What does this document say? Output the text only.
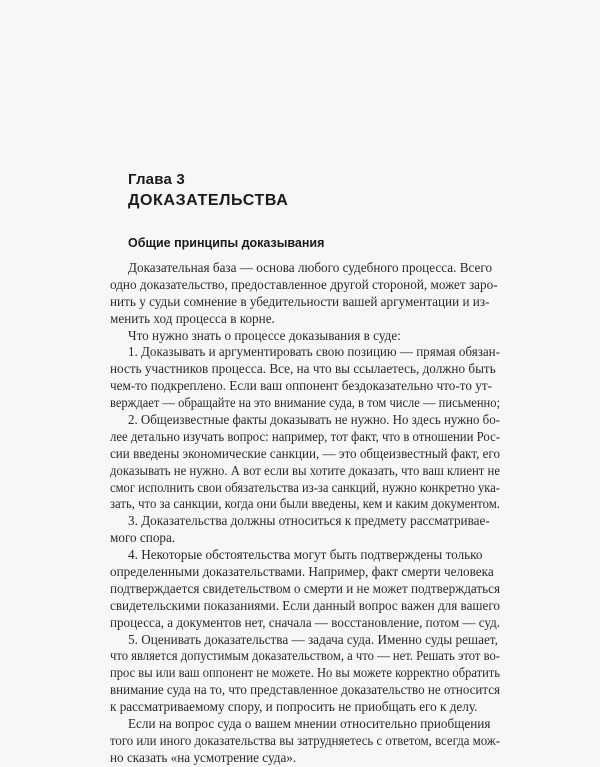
Глава 3
ДОКАЗАТЕЛЬСТВА
Общие принципы доказывания
Доказательная база — основа любого судебного процесса. Всего
одно доказательство, предоставленное другой стороной, может зарo-
нить у судьи сомнение в убедительности вашей аргументации и из-
менить ход процесса в корне.
Что нужно знать о процессе доказывания в суде:
1. Доказывать и аргументировать свою позицию — прямая обязан-
ность участников процесса. Все, на что вы ссылаетесь, должно быть
чем-то подкреплено. Если ваш оппонент бездоказательно что-то ут-
верждает — обращайте на это внимание суда, в том числе — письменно;
2. Общеизвестные факты доказывать не нужно. Но здесь нужно бо-
лее детально изучать вопрос: например, тот факт, что в отношении Рос-
сии введены экономические санкции, — это общеизвестный факт, его
доказывать не нужно. А вот если вы хотите доказать, что ваш клиент не
смог исполнить свои обязательства из-за санкций, нужно конкретно ука-
зать, что за санкции, когда они были введены, кем и каким документом.
3. Доказательства должны относиться к предмету рассматривае-
мого спора.
4. Некоторые обстоятельства могут быть подтверждены только
определенными доказательствами. Например, факт смерти человека
подтверждается свидетельством о смерти и не может подтверждаться
свидетельскими показаниями. Если данный вопрос важен для вашего
процесса, а документов нет, сначала — восстановление, потом — суд.
5. Оценивать доказательства — задача суда. Именно суды решает,
что является допустимым доказательством, а что — нет. Решать этот во-
прос вы или ваш оппонент не можете. Но вы можете корректно обратить
внимание суда на то, что представленное доказательство не относится
к рассматриваемому спору, и попросить не приобщать его к делу.
Если на вопрос суда о вашем мнении относительно приобщения
того или иного доказательства вы затрудняетесь с ответом, всегда мож-
но сказать «на усмотрение суда».
